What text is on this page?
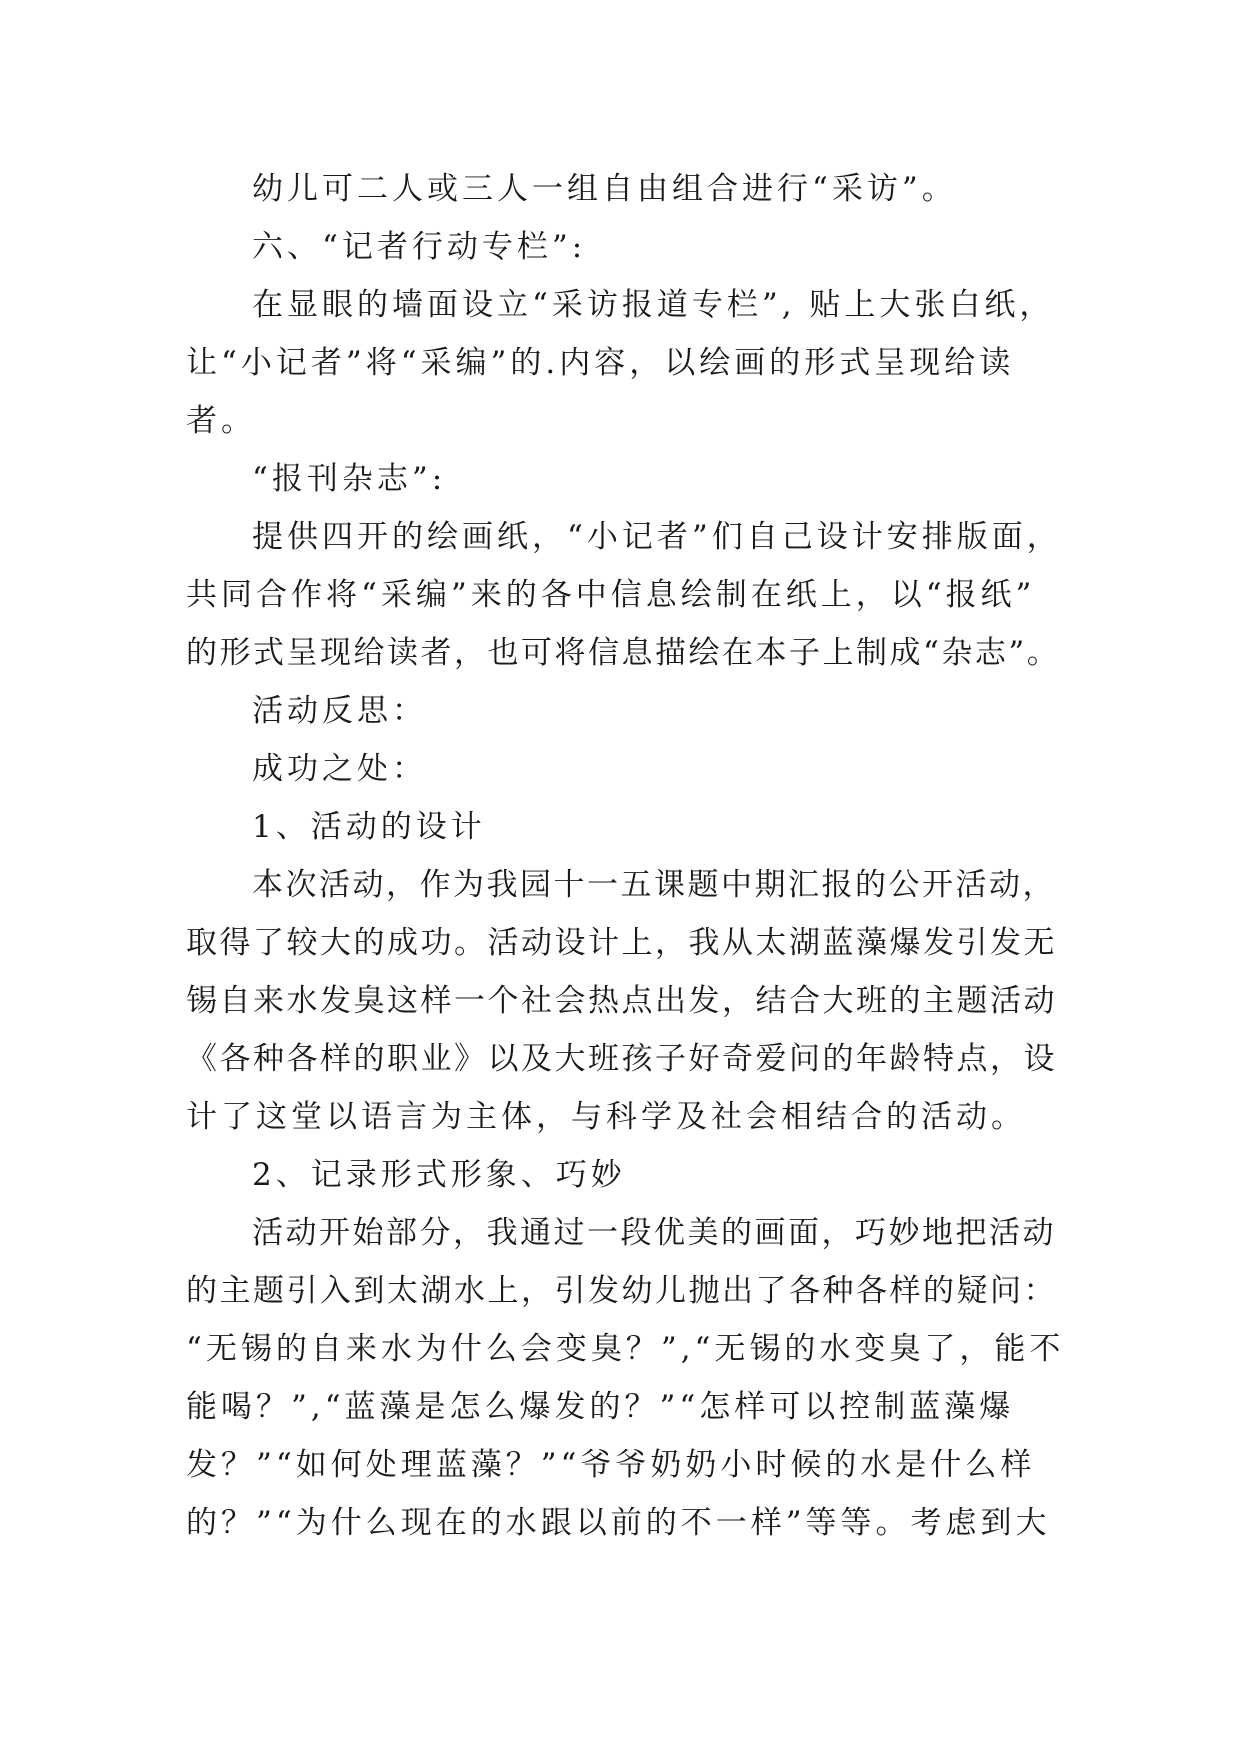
幼儿可二人或三人一组自由组合进行“采访”。
六、“记者行动专栏”:
在显眼的墙面设立“采访报道专栏”, 贴上大张白纸，
让“小记者”将“采编”的.内容，以绘画的形式呈现给读
者。
“报刊杂志”:
提供四开的绘画纸，“小记者”们自己设计安排版面，
共同合作将“采编”来的各中信息绘制在纸上，以“报纸”
的形式呈现给读者，也可将信息描绘在本子上制成“杂志”。
活动反思：
成功之处：
1、活动的设计
本次活动，作为我园十一五课题中期汇报的公开活动，
取得了较大的成功。活动设计上，我从太湖蓝藻爆发引发无
锡自来水发臭这样一个社会热点出发，结合大班的主题活动
《各种各样的职业》以及大班孩子好奇爱问的年龄特点，设
计了这堂以语言为主体，与科学及社会相结合的活动。
2、记录形式形象、巧妙
活动开始部分，我通过一段优美的画面，巧妙地把活动
的主题引入到太湖水上，引发幼儿抛出了各种各样的疑问：
“无锡的自来水为什么会变臭？”,“无锡的水变臭了，能不
能喝？”,“蓝藻是怎么爆发的？”“怎样可以控制蓝藻爆
发？”“如何处理蓝藻？”“爷爷奶奶小时候的水是什么样
的？”“为什么现在的水跟以前的不一样”等等。考虑到大
